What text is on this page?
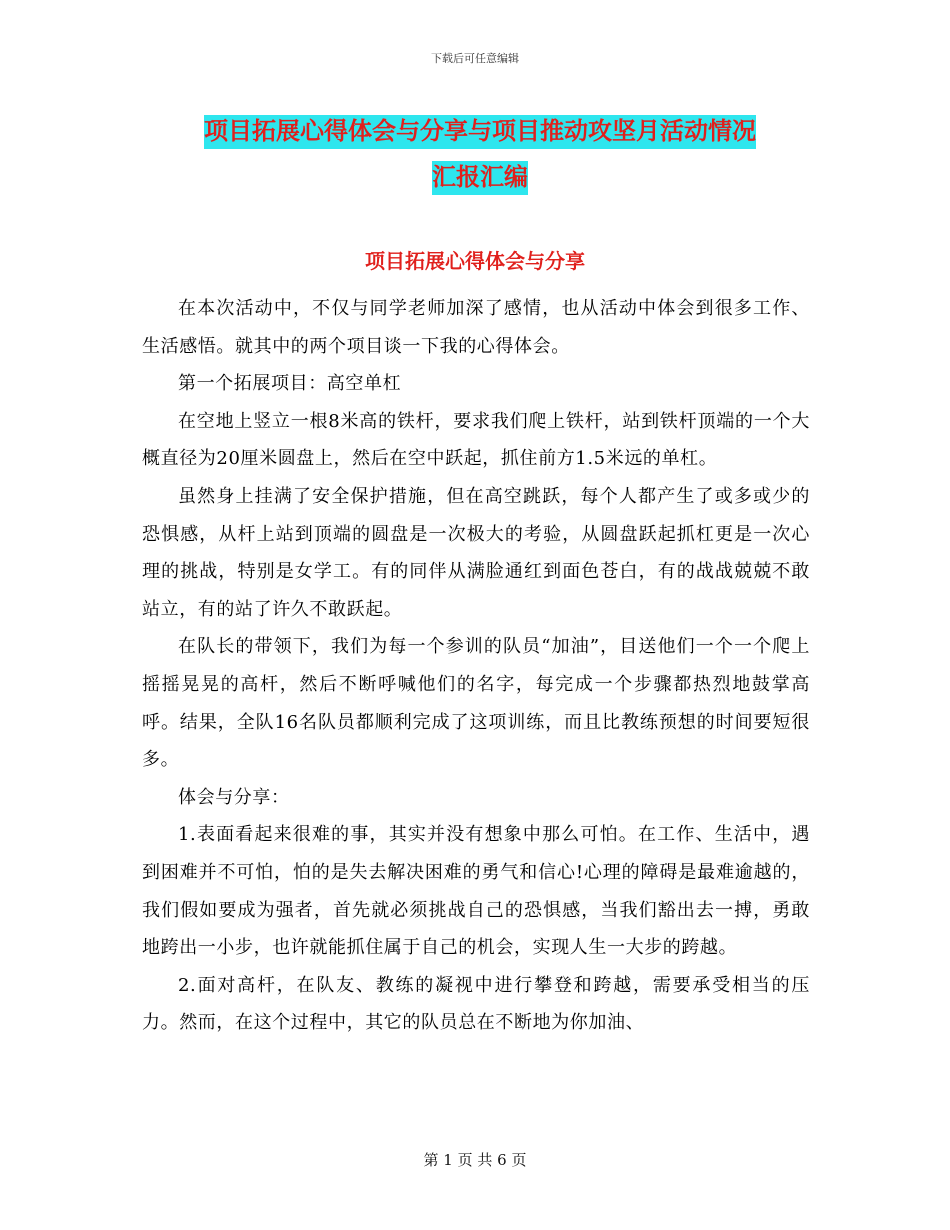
下载后可任意编辑
项目拓展心得体会与分享与项目推动攻坚月活动情况
汇报汇编
项目拓展心得体会与分享

在本次活动中，不仅与同学老师加深了感情，也从活动中体会到很多工作、生活感悟。就其中的两个项目谈一下我的心得体会。

第一个拓展项目：高空单杠

在空地上竖立一根8米高的铁杆，要求我们爬上铁杆，站到铁杆顶端的一个大概直径为20厘米圆盘上，然后在空中跃起，抓住前方1.5米远的单杠。

虽然身上挂满了安全保护措施，但在高空跳跃，每个人都产生了或多或少的恐惧感，从杆上站到顶端的圆盘是一次极大的考验，从圆盘跃起抓杠更是一次心理的挑战，特别是女学工。有的同伴从满脸通红到面色苍白，有的战战兢兢不敢站立，有的站了许久不敢跃起。

在队长的带领下，我们为每一个参训的队员“加油”，目送他们一个一个爬上摇摇晃晃的高杆，然后不断呼喊他们的名字，每完成一个步骤都热烈地鼓掌高呼。结果，全队16名队员都顺利完成了这项训练，而且比教练预想的时间要短很多。

体会与分享：

1.表面看起来很难的事，其实并没有想象中那么可怕。在工作、生活中，遇到困难并不可怕，怕的是失去解决困难的勇气和信心!心理的障碍是最难逾越的，我们假如要成为强者，首先就必须挑战自己的恐惧感，当我们豁出去一搏，勇敢地跨出一小步，也许就能抓住属于自己的机会，实现人生一大步的跨越。

2.面对高杆，在队友、教练的凝视中进行攀登和跨越，需要承受相当的压力。然而，在这个过程中，其它的队员总在不断地为你加油、

第 1 页 共 6 页
